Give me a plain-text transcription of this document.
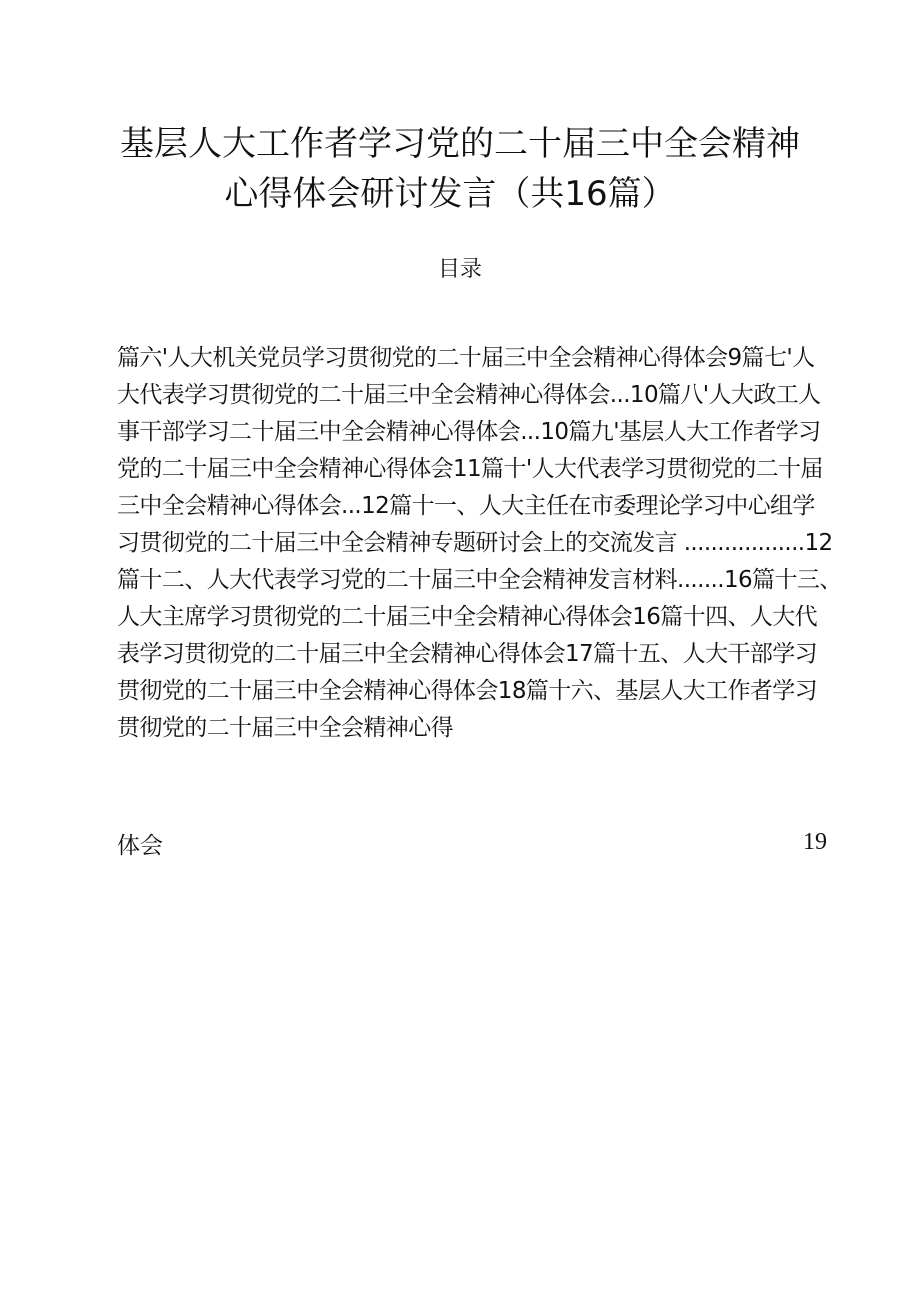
基层人大工作者学习党的二十届三中全会精神
心得体会研讨发言（共16篇）
目录
篇六'人大机关党员学习贯彻党的二十届三中全会精神心得体会9篇七'人
大代表学习贯彻党的二十届三中全会精神心得体会...10篇八'人大政工人
事干部学习二十届三中全会精神心得体会...10篇九'基层人大工作者学习
党的二十届三中全会精神心得体会11篇十'人大代表学习贯彻党的二十届
三中全会精神心得体会...12篇十一、人大主任在市委理论学习中心组学
习贯彻党的二十届三中全会精神专题研讨会上的交流发言 ..................12
篇十二、人大代表学习党的二十届三中全会精神发言材料.......16篇十三、
人大主席学习贯彻党的二十届三中全会精神心得体会16篇十四、人大代
表学习贯彻党的二十届三中全会精神心得体会17篇十五、人大干部学习
贯彻党的二十届三中全会精神心得体会18篇十六、基层人大工作者学习
贯彻党的二十届三中全会精神心得
体会	19
